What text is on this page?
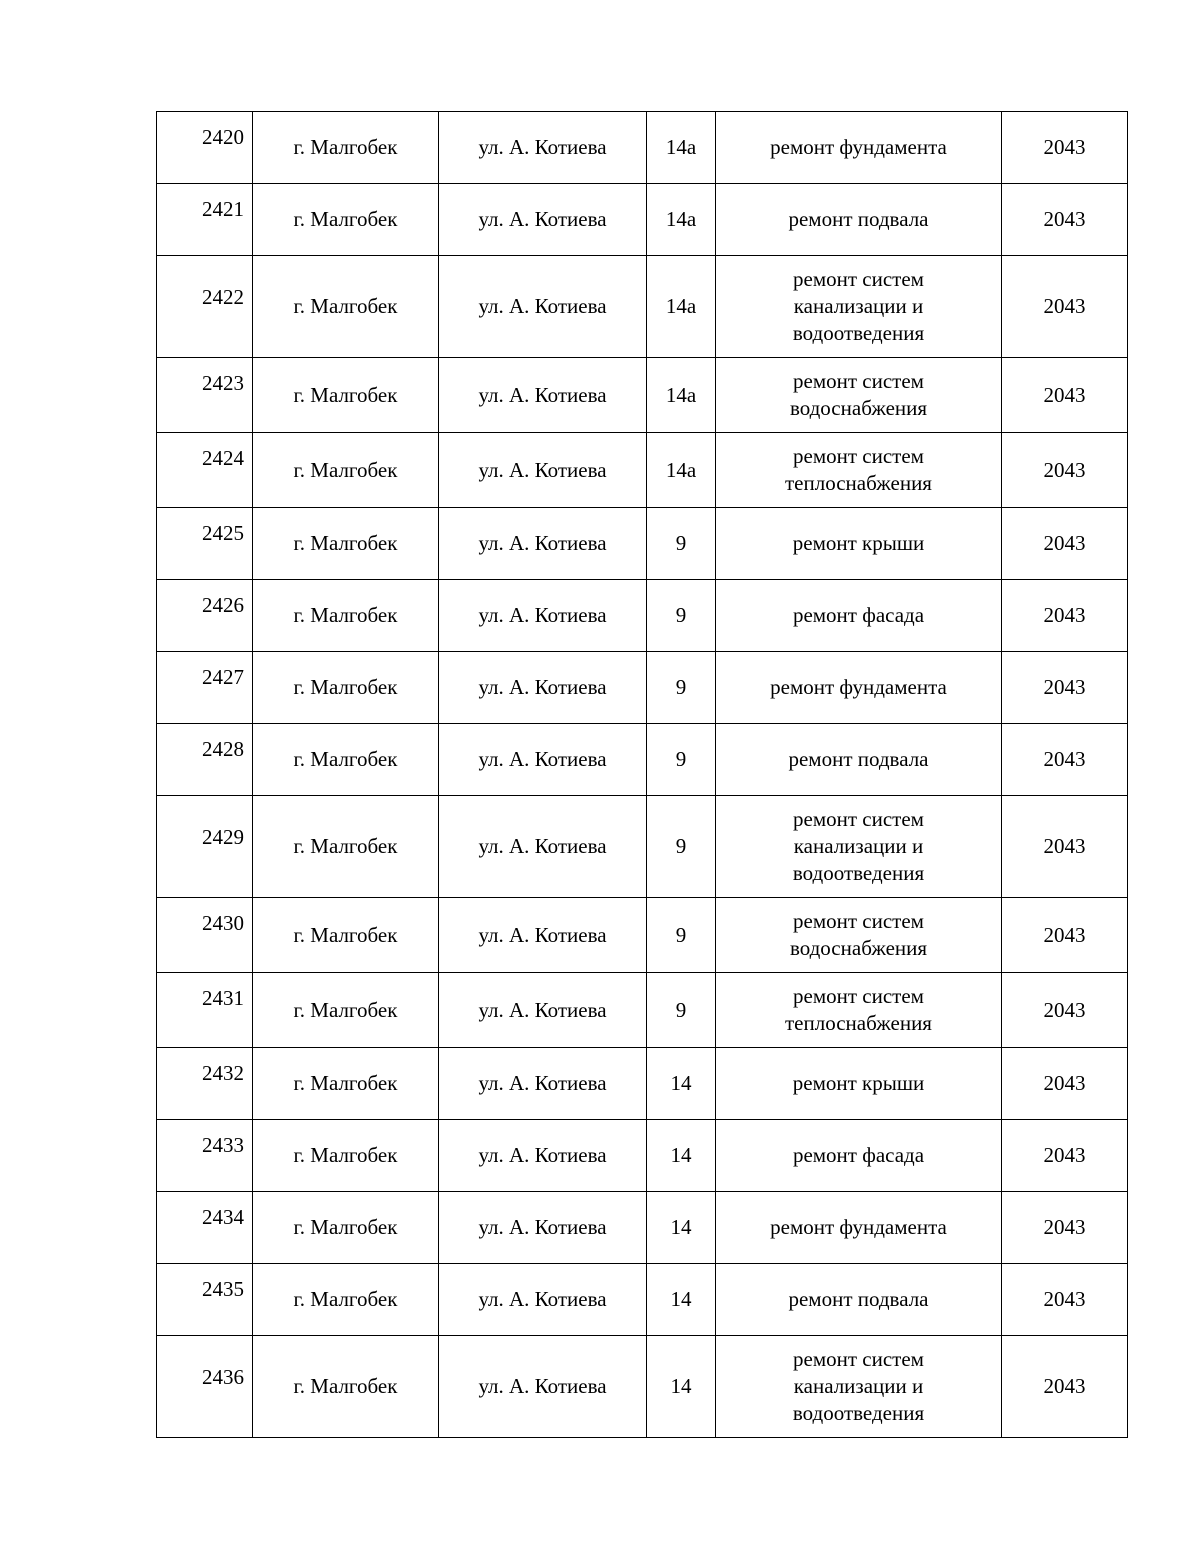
2420	г. Малгобек	ул. А. Котиева	14а	ремонт фундамента	2043
2421	г. Малгобек	ул. А. Котиева	14а	ремонт подвала	2043
2422	г. Малгобек	ул. А. Котиева	14а	ремонт систем
канализации и
водоотведения	2043
2423	г. Малгобек	ул. А. Котиева	14а	ремонт систем
водоснабжения	2043
2424	г. Малгобек	ул. А. Котиева	14а	ремонт систем
теплоснабжения	2043
2425	г. Малгобек	ул. А. Котиева	9	ремонт крыши	2043
2426	г. Малгобек	ул. А. Котиева	9	ремонт фасада	2043
2427	г. Малгобек	ул. А. Котиева	9	ремонт фундамента	2043
2428	г. Малгобек	ул. А. Котиева	9	ремонт подвала	2043
2429	г. Малгобек	ул. А. Котиева	9	ремонт систем
канализации и
водоотведения	2043
2430	г. Малгобек	ул. А. Котиева	9	ремонт систем
водоснабжения	2043
2431	г. Малгобек	ул. А. Котиева	9	ремонт систем
теплоснабжения	2043
2432	г. Малгобек	ул. А. Котиева	14	ремонт крыши	2043
2433	г. Малгобек	ул. А. Котиева	14	ремонт фасада	2043
2434	г. Малгобек	ул. А. Котиева	14	ремонт фундамента	2043
2435	г. Малгобек	ул. А. Котиева	14	ремонт подвала	2043
2436	г. Малгобек	ул. А. Котиева	14	ремонт систем
канализации и
водоотведения	2043
